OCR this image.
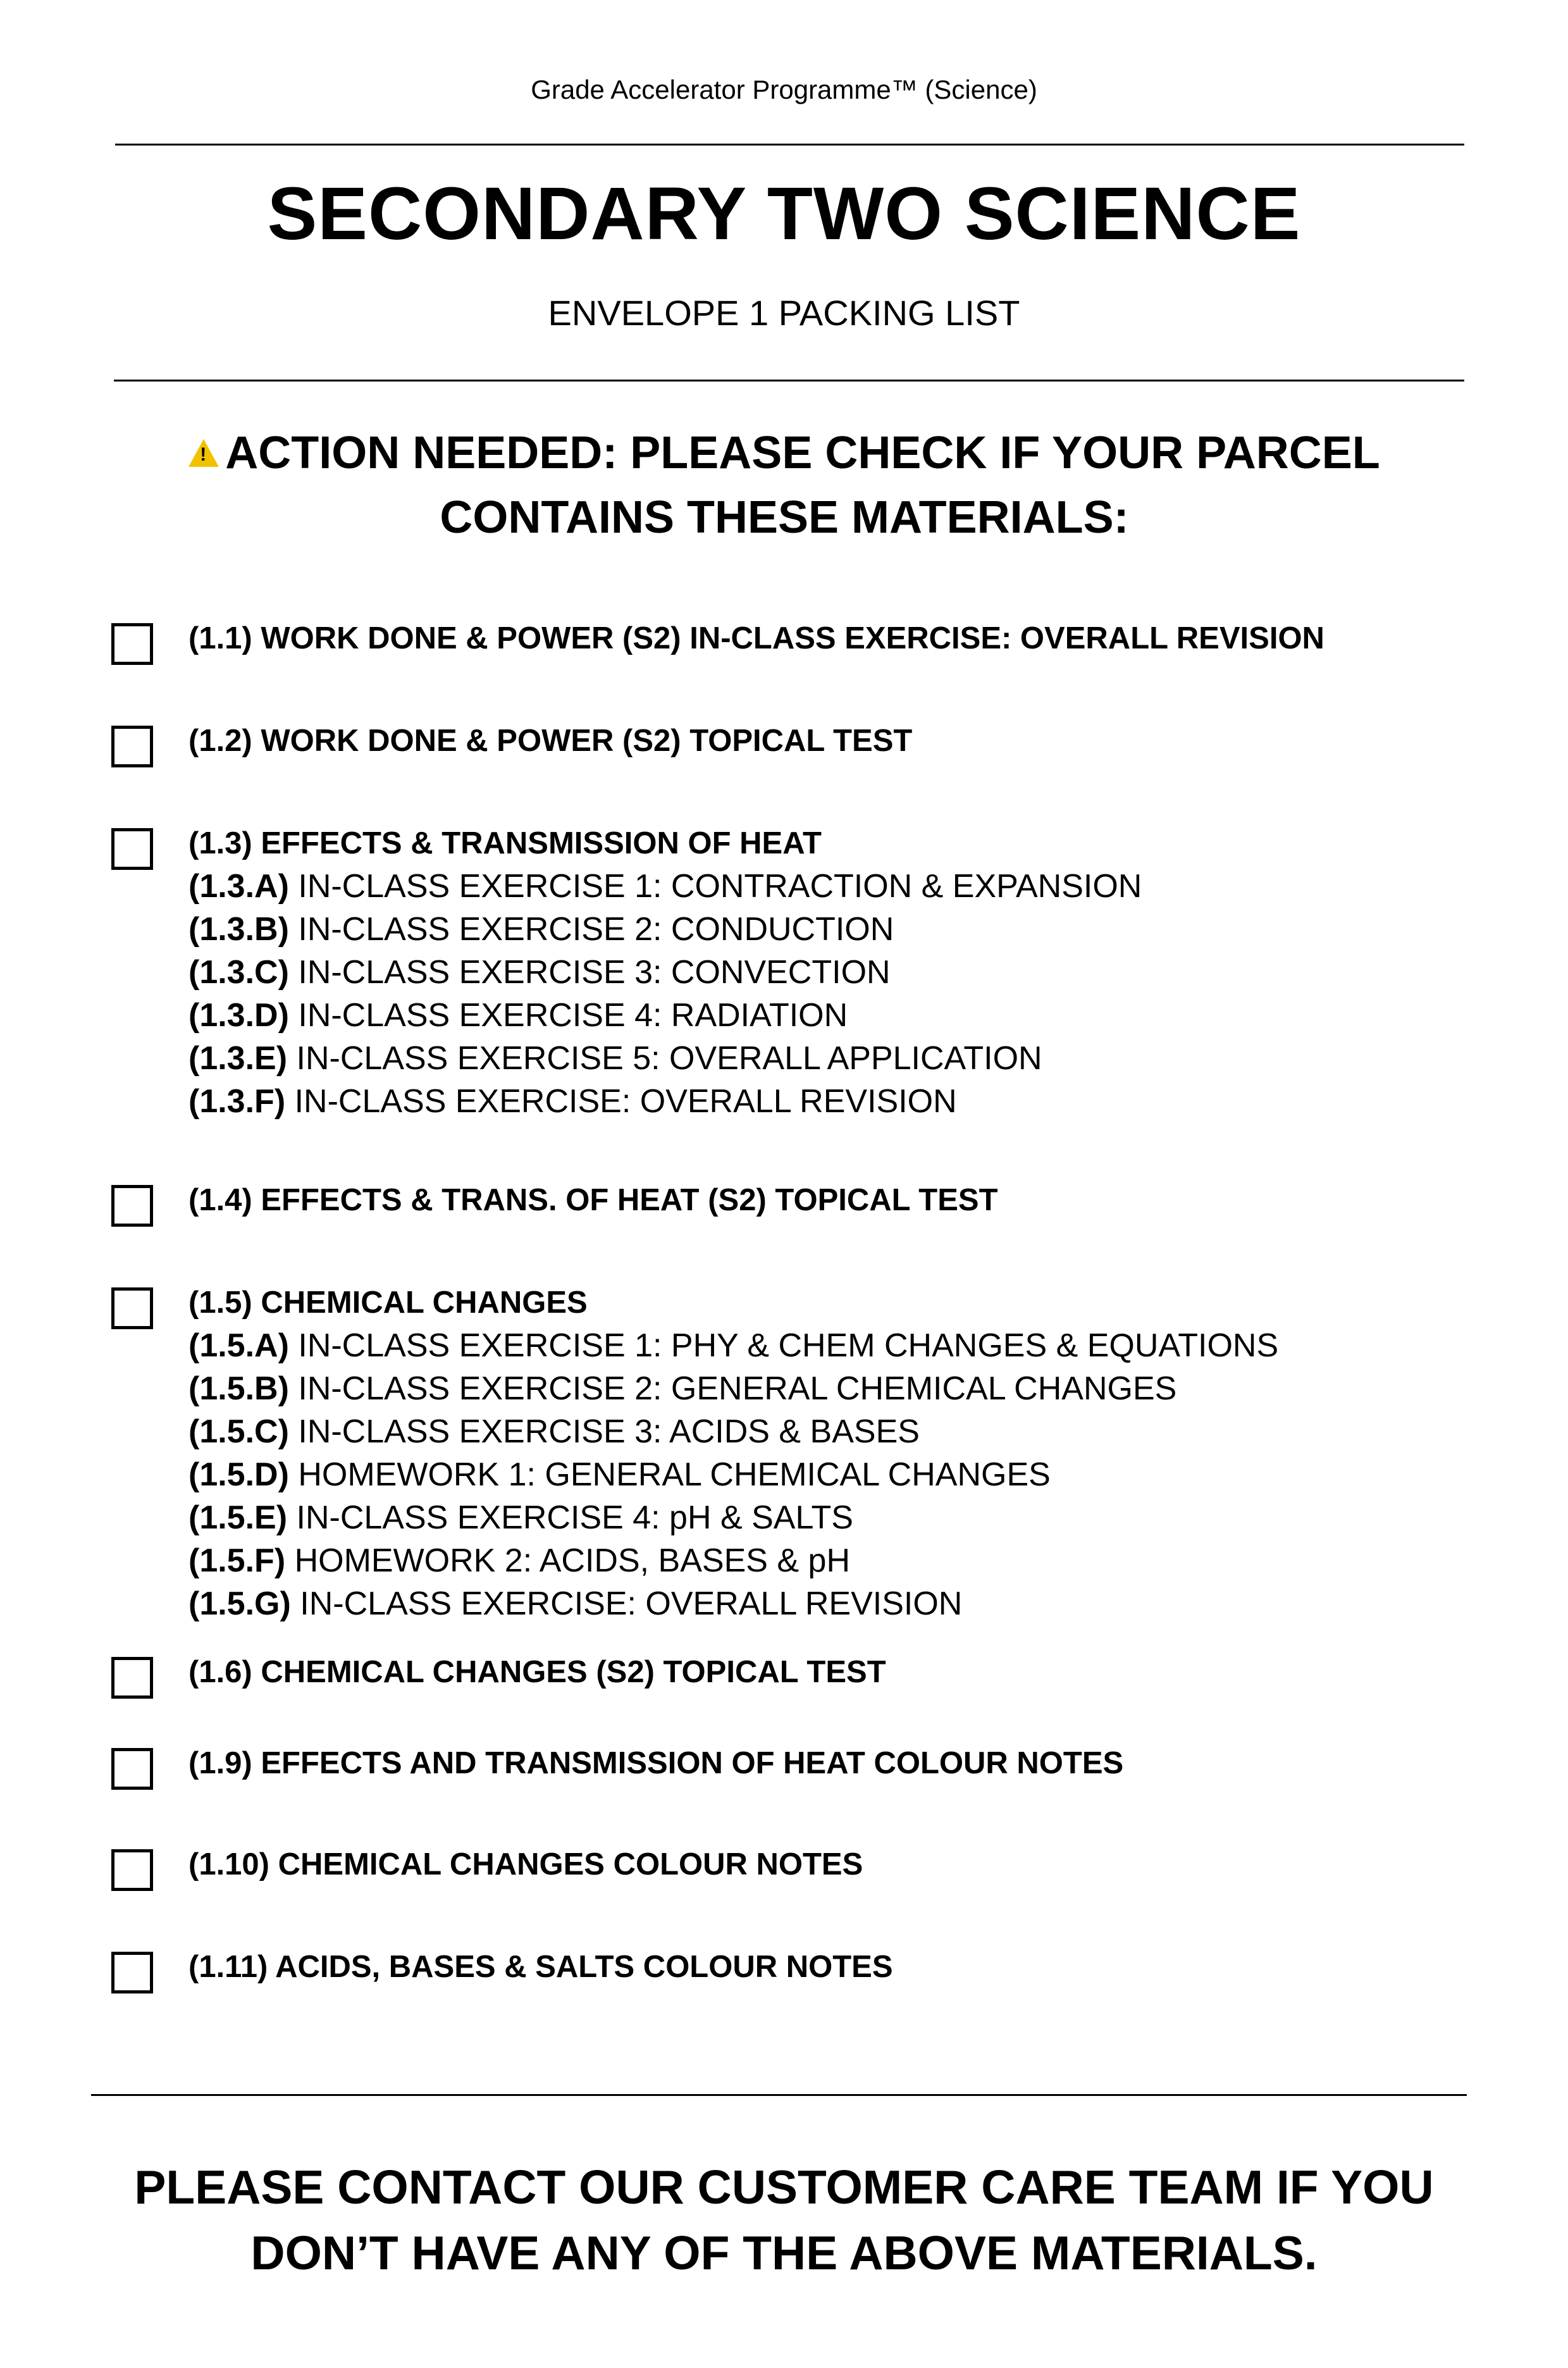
Grade Accelerator Programme™ (Science)
SECONDARY TWO SCIENCE
ENVELOPE 1 PACKING LIST
!ACTION NEEDED: PLEASE CHECK IF YOUR PARCEL
CONTAINS THESE MATERIALS:
(1.1) WORK DONE & POWER (S2) IN-CLASS EXERCISE: OVERALL REVISION
(1.2) WORK DONE & POWER (S2) TOPICAL TEST
(1.3) EFFECTS & TRANSMISSION OF HEAT
(1.3.A) IN-CLASS EXERCISE 1: CONTRACTION & EXPANSION
(1.3.B) IN-CLASS EXERCISE 2: CONDUCTION
(1.3.C) IN-CLASS EXERCISE 3: CONVECTION
(1.3.D) IN-CLASS EXERCISE 4: RADIATION
(1.3.E) IN-CLASS EXERCISE 5: OVERALL APPLICATION
(1.3.F) IN-CLASS EXERCISE: OVERALL REVISION
(1.4) EFFECTS & TRANS. OF HEAT (S2) TOPICAL TEST
(1.5) CHEMICAL CHANGES
(1.5.A) IN-CLASS EXERCISE 1: PHY & CHEM CHANGES & EQUATIONS
(1.5.B) IN-CLASS EXERCISE 2: GENERAL CHEMICAL CHANGES
(1.5.C) IN-CLASS EXERCISE 3: ACIDS & BASES
(1.5.D) HOMEWORK 1: GENERAL CHEMICAL CHANGES
(1.5.E) IN-CLASS EXERCISE 4: pH & SALTS
(1.5.F) HOMEWORK 2: ACIDS, BASES & pH
(1.5.G) IN-CLASS EXERCISE: OVERALL REVISION
(1.6) CHEMICAL CHANGES (S2) TOPICAL TEST
(1.9) EFFECTS AND TRANSMISSION OF HEAT COLOUR NOTES
(1.10) CHEMICAL CHANGES COLOUR NOTES
(1.11) ACIDS, BASES & SALTS COLOUR NOTES
PLEASE CONTACT OUR CUSTOMER CARE TEAM IF YOU
DON’T HAVE ANY OF THE ABOVE MATERIALS.
